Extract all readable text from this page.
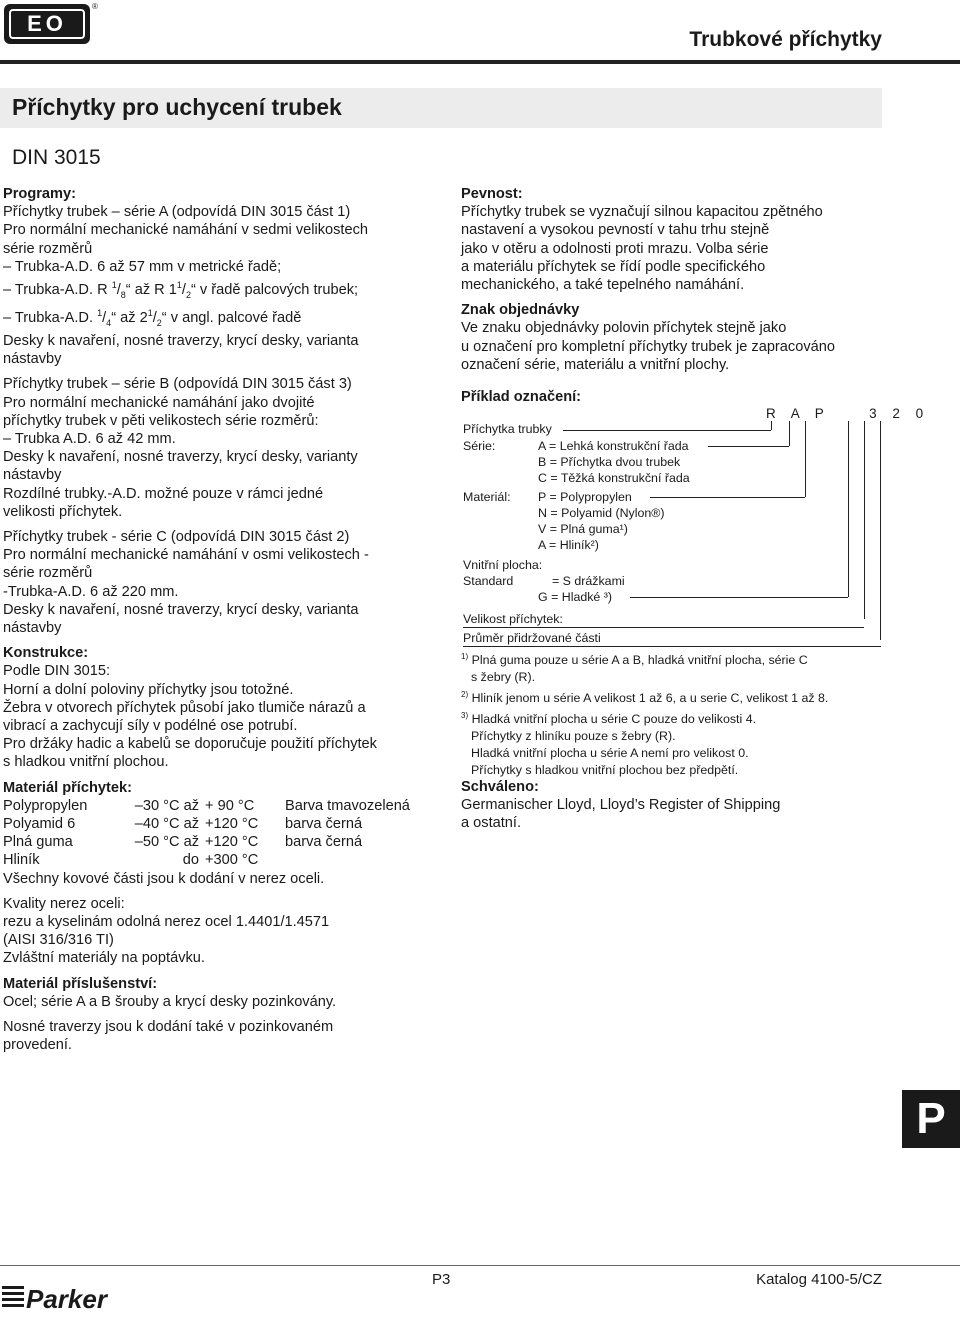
EO
®
Trubkové příchytky
Příchytky pro uchycení trubek
DIN 3015

Programy:

Příchytky trubek – série A (odpovídá DIN 3015 část 1)

Pro normální mechanické namáhání v sedmi velikostech

série rozměrů

– Trubka-A.D. 6 až 57 mm v metrické řadě;

– Trubka-A.D. R $^1/_8“$ až R $1^1/_2“$ v řadě palcových trubek;

– Trubka-A.D. $^1/_4“$ až $2^1/_2“$ v angl. palcové řadě

Desky k navaření, nosné traverzy, krycí desky, varianta

nástavby

Příchytky trubek – série B (odpovídá DIN 3015 část 3)

Pro normální mechanické namáhání jako dvojité

příchytky trubek v pěti velikostech série rozměrů:

– Trubka A.D. 6 až 42 mm.

Desky k navaření, nosné traverzy, krycí desky, varianty

nástavby

Rozdílné trubky.-A.D. možné pouze v rámci jedné

velikosti příchytek.

Příchytky trubek - série C (odpovídá DIN 3015 část 2)

Pro normální mechanické namáhání v osmi velikostech -

série rozměrů

-Trubka-A.D. 6 až 220 mm.

Desky k navaření, nosné traverzy, krycí desky, varianta

nástavby

Konstrukce:

Podle DIN 3015:

Horní a dolní poloviny příchytky jsou totožné.

Žebra v otvorech příchytek působí jako tlumiče nárazů a

vibrací a zachycují síly v podélné ose potrubí.

Pro držáky hadic a kabelů se doporučuje použití příchytek

s hladkou vnitřní plochou.

Materiál příchytek:

Polypropylen	–30 °C až	+ 90 °C	Barva tmavozelená
Polyamid 6	–40 °C až	+120 °C	barva černá
Plná guma	–50 °C až	+120 °C	barva černá
Hliník	do	+300 °C	

Všechny kovové části jsou k dodání v nerez oceli.

Kvality nerez oceli:

rezu a kyselinám odolná nerez ocel 1.4401/1.4571

(AISI 316/316 TI)

Zvláštní materiály na poptávku.

Materiál příslušenství:

Ocel; série A a B šrouby a krycí desky pozinkovány.

Nosné traverzy jsou k dodání také v pozinkovaném

provedení.

Pevnost:

Příchytky trubek se vyznačují silnou kapacitou zpětného

nastavení a vysokou pevností v tahu trhu stejně

jako v otěru a odolnosti proti mrazu. Volba série

a materiálu příchytek se řídí podle specifického

mechanického, a také tepelného namáhání.

Znak objednávky

Ve znaku objednávky polovin příchytek stejně jako

u označení pro kompletní příchytky trubek je zapracováno

označení série, materiálu a vnitřní plochy.

Příklad označení:

R A P	3 2 0
Příchytka trubky
Série:	A = Lehká konstrukční řada
B = Příchytka dvou trubek
C = Těžká konstrukční řada
Materiál: P = Polypropylen
N = Polyamid (Nylon®)
V = Plná guma¹)
A = Hliník²)
Vnitřní plocha:
Standard	= S drážkami
G = Hladké ³)
Velikost příchytek:
Průměr přidržované části

$^{1)}$ Plná guma pouze u série A a B, hladká vnitřní plocha, série C

s žebry (R).

$^{2)}$ Hliník jenom u série A velikost 1 až 6, a u serie C, velikost 1 až 8.

$^{3)}$ Hladká vnitřní plocha u série C pouze do velikosti 4.

Příchytky z hliníku pouze s žebry (R).

Hladká vnitřní plocha u série A nemí pro velikost 0.

Příchytky s hladkou vnitřní plochou bez předpětí.

Schváleno:

Germanischer Lloyd, Lloyd’s Register of Shipping

a ostatní.

P
Parker
P3	Katalog 4100-5/CZ
